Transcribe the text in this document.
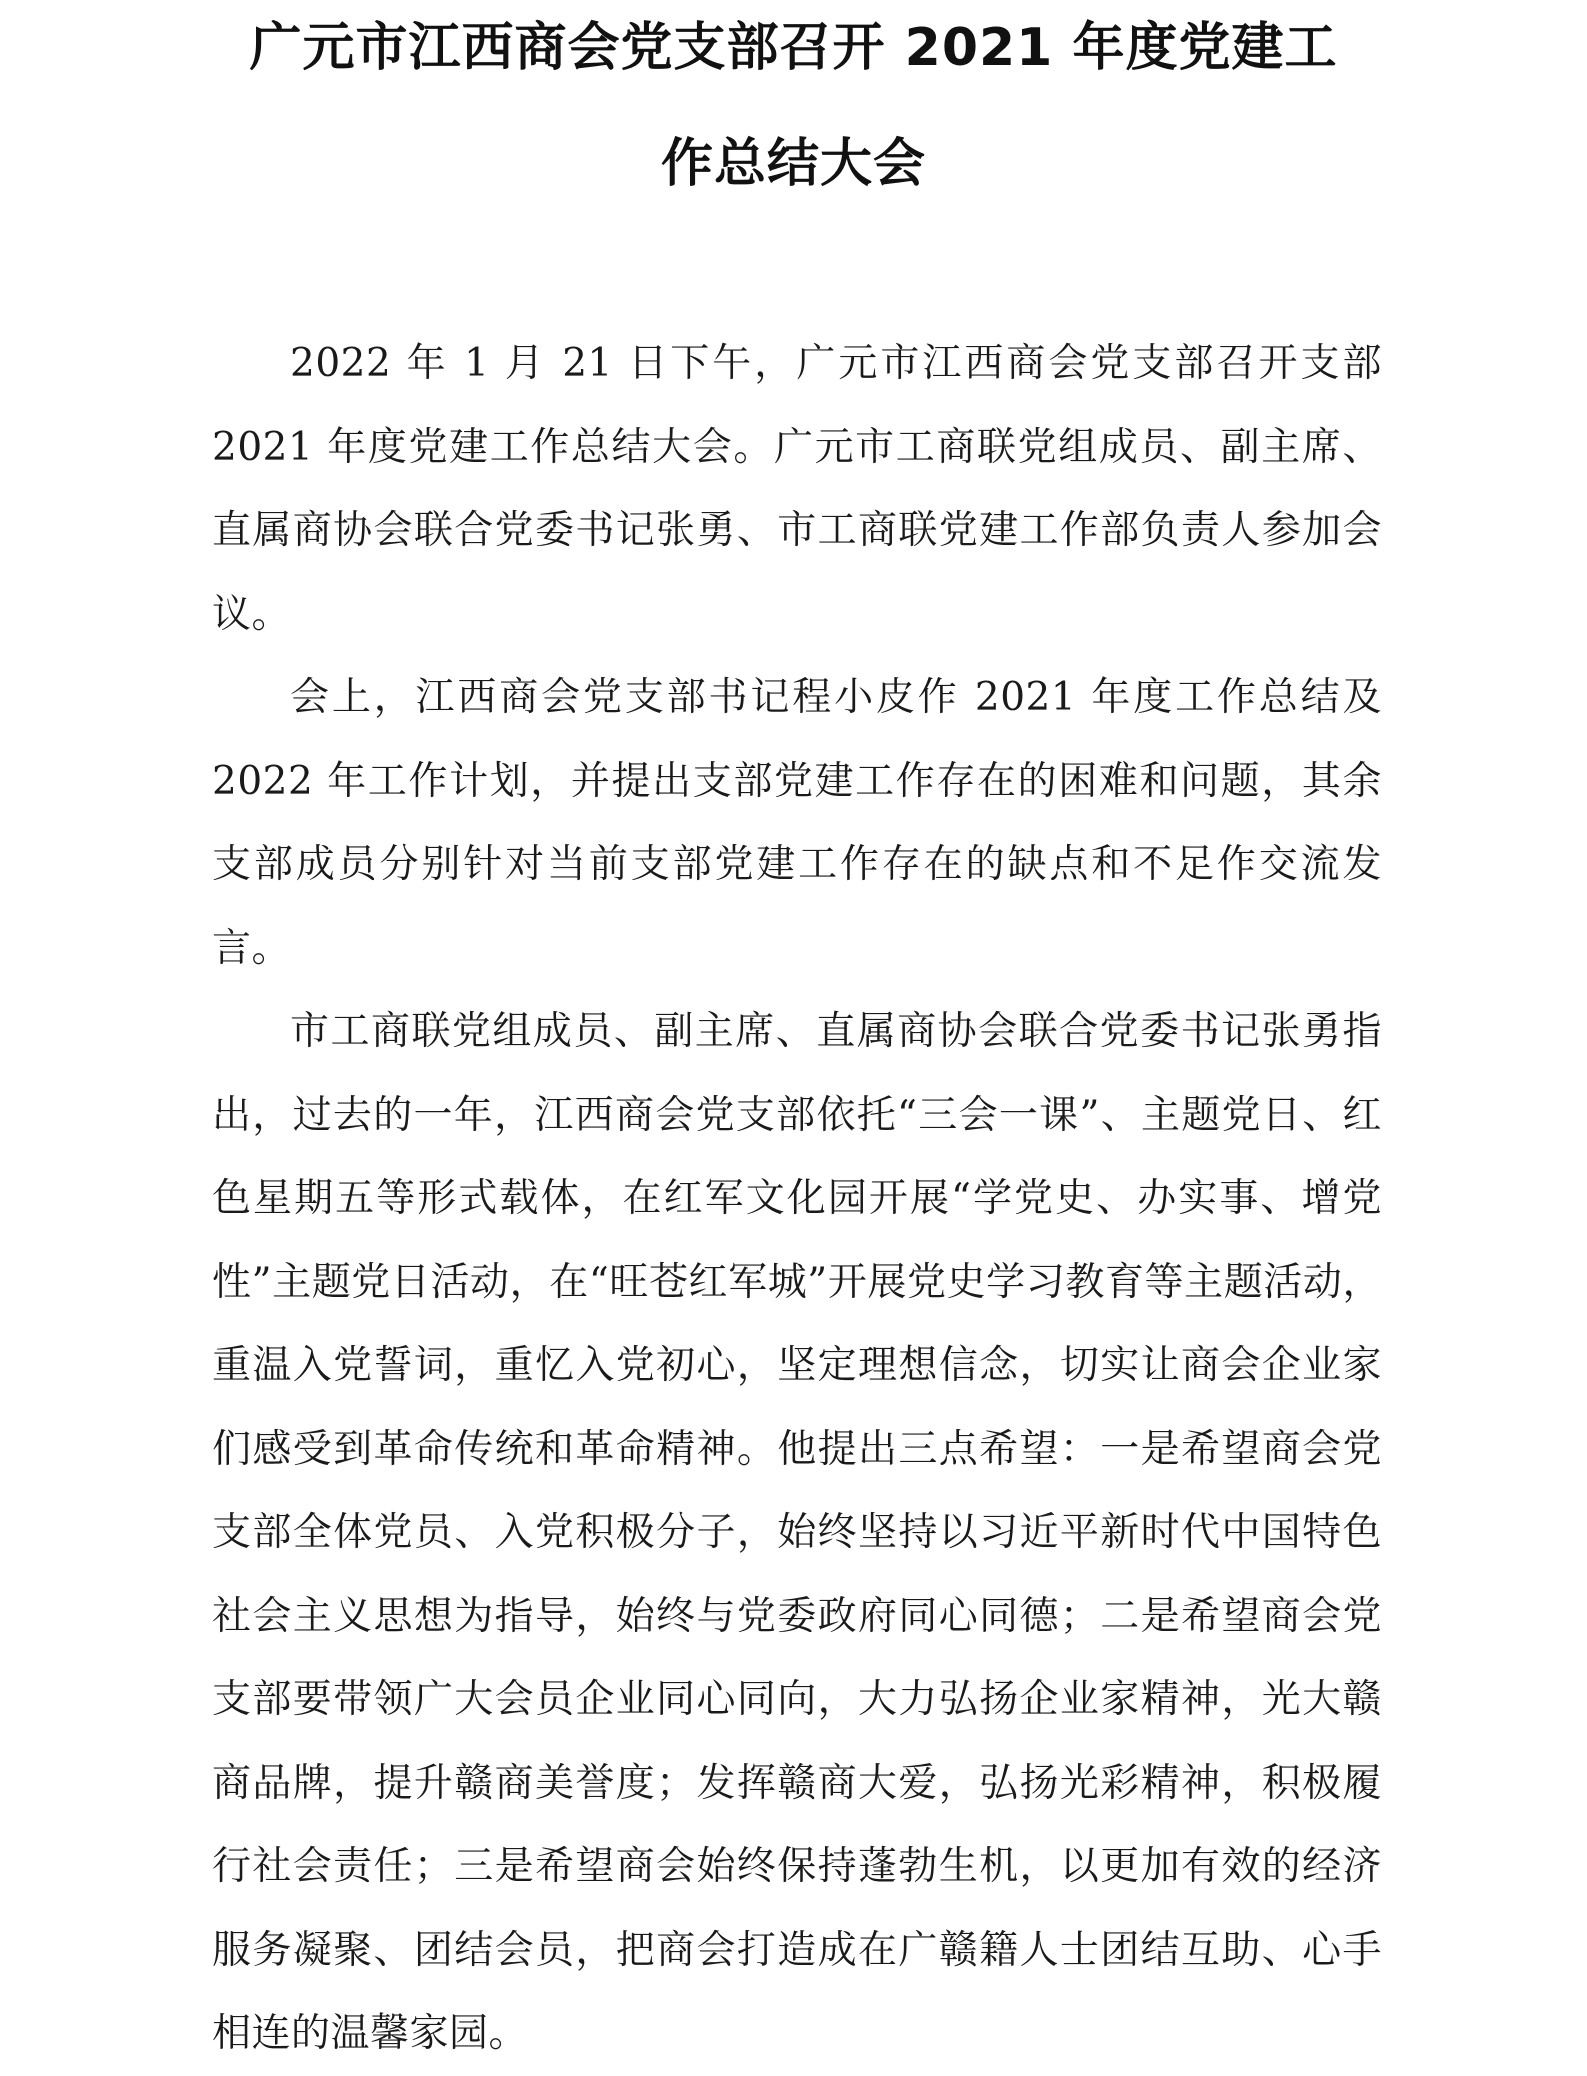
广元市江西商会党支部召开 2021 年度党建工
作总结大会

2022 年 1 月 21 日下午，广元市江西商会党支部召开支部 2021 年度党建工作总结大会。广元市工商联党组成员、副主席、直属商协会联合党委书记张勇、市工商联党建工作部负责人参加会议。

会上，江西商会党支部书记程小皮作 2021 年度工作总结及 2022 年工作计划，并提出支部党建工作存在的困难和问题，其余支部成员分别针对当前支部党建工作存在的缺点和不足作交流发言。

市工商联党组成员、副主席、直属商协会联合党委书记张勇指出，过去的一年，江西商会党支部依托“三会一课”、主题党日、红色星期五等形式载体，在红军文化园开展“学党史、办实事、增党性”主题党日活动，在“旺苍红军城”开展党史学习教育等主题活动，重温入党誓词，重忆入党初心，坚定理想信念，切实让商会企业家们感受到革命传统和革命精神。他提出三点希望：一是希望商会党支部全体党员、入党积极分子，始终坚持以习近平新时代中国特色社会主义思想为指导，始终与党委政府同心同德；二是希望商会党支部要带领广大会员企业同心同向，大力弘扬企业家精神，光大赣商品牌，提升赣商美誉度；发挥赣商大爱，弘扬光彩精神，积极履行社会责任；三是希望商会始终保持蓬勃生机，以更加有效的经济服务凝聚、团结会员，把商会打造成在广赣籍人士团结互助、心手相连的温馨家园。
